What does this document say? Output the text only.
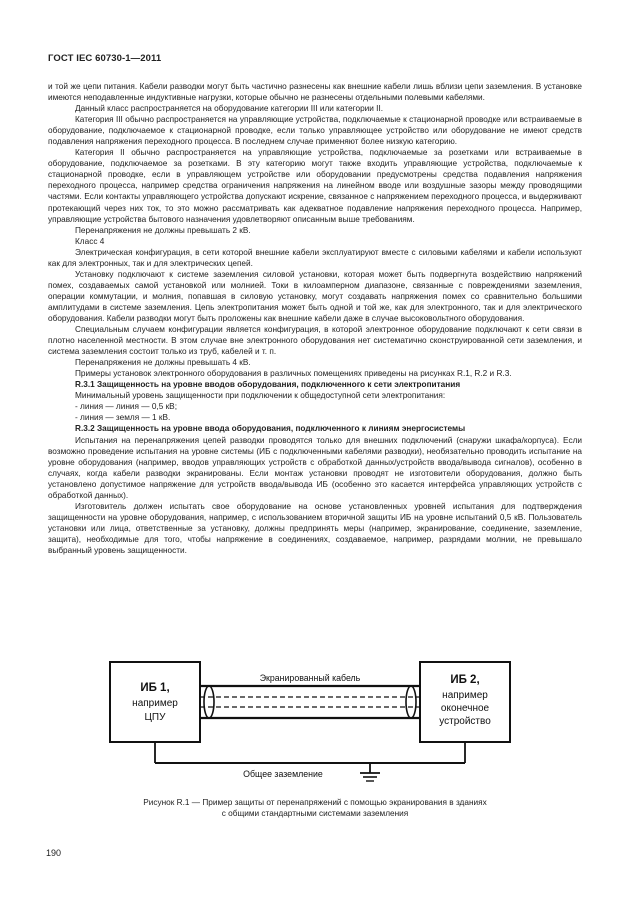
ГОСТ IEC 60730-1—2011

и той же цепи питания. Кабели разводки могут быть частично разнесены как внешние кабели лишь вблизи цепи заземления. В установке имеются неподавленные индуктивные нагрузки, которые обычно не разнесены отдельными полевыми кабелями.

Данный класс распространяется на оборудование категории III или категории II.

Категория III обычно распространяется на управляющие устройства, подключаемые к стационарной проводке или встраиваемые в оборудование, подключаемое к стационарной проводке, если только управляющее устройство или оборудование не имеют средств подавления напряжения переходного процесса. В последнем случае применяют более низкую категорию.

Категория II обычно распространяется на управляющие устройства, подключаемые за розетками или встраиваемые в оборудование, подключаемое за розетками. В эту категорию могут также входить управляющие устройства, подключаемые к стационарной проводке, если в управляющем устройстве или оборудовании предусмотрены средства подавления напряжения переходного процесса, например средства ограничения напряжения на линейном вводе или воздушные зазоры между проводящими частями. Если контакты управляющего устройства допускают искрение, связанное с напряжением переходного процесса, и выдерживают протекающий через них ток, то это можно рассматривать как адекватное подавление напряжения переходного процесса. Например, управляющие устройства бытового назначения удовлетворяют описанным выше требованиям.

Перенапряжения не должны превышать 2 кВ.

Класс 4

Электрическая конфигурация, в сети которой внешние кабели эксплуатируют вместе с силовыми кабелями и кабели используют как для электронных, так и для электрических цепей.

Установку подключают к системе заземления силовой установки, которая может быть подвергнута воздействию напряжений помех, создаваемых самой установкой или молнией. Токи в килоамперном диапазоне, связанные с повреждениями заземления, операции коммутации, и молния, попавшая в силовую установку, могут создавать напряжения помех со сравнительно большими амплитудами в системе заземления. Цепь электропитания может быть одной и той же, как для электронного, так и для электрического оборудования. Кабели разводки могут быть проложены как внешние кабели даже в случае высоковольтного оборудования.

Специальным случаем конфигурации является конфигурация, в которой электронное оборудование подключают к сети связи в плотно населенной местности. В этом случае вне электронного оборудования нет систематично сконструированной сети заземления, и система заземления состоит только из труб, кабелей и т. п.

Перенапряжения не должны превышать 4 кВ.

Примеры установок электронного оборудования в различных помещениях приведены на рисунках R.1, R.2 и R.3.

R.3.1 Защищенность на уровне вводов оборудования, подключенного к сети электропитания

Минимальный уровень защищенности при подключении к общедоступной сети электропитания:

- линия — линия — 0,5 кВ;

- линия — земля — 1 кВ.

R.3.2 Защищенность на уровне ввода оборудования, подключенного к линиям энергосистемы

Испытания на перенапряжения цепей разводки проводятся только для внешних подключений (снаружи шкафа/корпуса). Если возможно проведение испытания на уровне системы (ИБ с подключенными кабелями разводки), необязательно проводить испытание на уровне оборудования (например, вводов управляющих устройств с обработкой данных/устройств ввода/вывода сигналов), особенно в случаях, когда кабели разводки экранированы. Если монтаж установки проводят не изготовители оборудования, должно быть установлено допустимое напряжение для устройств ввода/вывода ИБ (особенно это касается интерфейса управляющих устройств с обработкой данных).

Изготовитель должен испытать свое оборудование на основе установленных уровней испытания для подтверждения защищенности на уровне оборудования, например, с использованием вторичной защиты ИБ на уровне испытаний 0,5 кВ. Пользователь установки или лица, ответственные за установку, должны предпринять меры (например, экранирование, соединение, заземление, защита), необходимые для того, чтобы напряжение в соединениях, создаваемое, например, разрядами молнии, не превышало выбранный уровень защищенности.

ИБ 1,
например
ЦПУ
ИБ 2,
например
оконечное
устройство
Экранированный кабель
Общее заземление
Рисунок R.1 — Пример защиты от перенапряжений с помощью экранирования в зданиях
с общими стандартными системами заземления
190
